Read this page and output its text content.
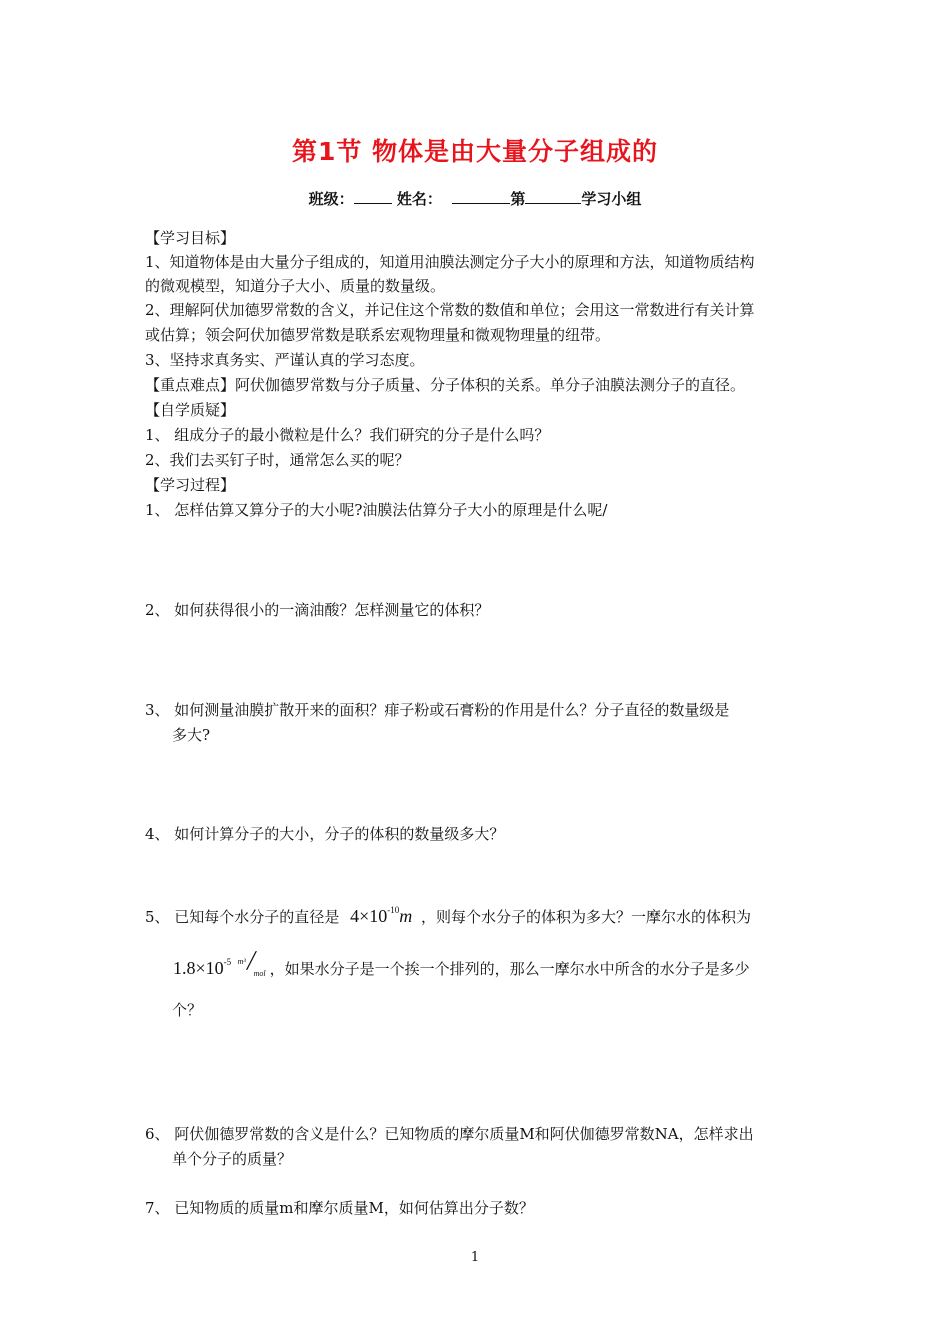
第1节 物体是由大量分子组成的
班级：	姓名：	第	学习小组
【学习目标】
1、知道物体是由大量分子组成的，知道用油膜法测定分子大小的原理和方法，知道物质结构
的微观模型，知道分子大小、质量的数量级。
2、理解阿伏加德罗常数的含义，并记住这个常数的数值和单位；会用这一常数进行有关计算
或估算；领会阿伏加德罗常数是联系宏观物理量和微观物理量的纽带。
3、坚持求真务实、严谨认真的学习态度。
【重点难点】阿伏伽德罗常数与分子质量、分子体积的关系。单分子油膜法测分子的直径。
【自学质疑】
1、 组成分子的最小微粒是什么？我们研究的分子是什么吗？
2、我们去买钉子时，通常怎么买的呢？
【学习过程】
1、 怎样估算又算分子的大小呢?油膜法估算分子大小的原理是什么呢/
2、 如何获得很小的一滴油酸？怎样测量它的体积？
3、 如何测量油膜扩散开来的面积？痱子粉或石膏粉的作用是什么？分子直径的数量级是
多大?
4、 如何计算分子的大小，分子的体积的数量级多大？
5、 已知每个水分子的直径是 $4\times 10^{-10}m$ ，则每个水分子的体积为多大？一摩尔水的体积为
$1.8\times 10^{-5}$ m³ ╱
mol ，如果水分子是一个挨一个排列的，那么一摩尔水中所含的水分子是多少
个？
6、 阿伏伽德罗常数的含义是什么？已知物质的摩尔质量M和阿伏伽德罗常数NA，怎样求出
单个分子的质量？
7、 已知物质的质量m和摩尔质量M，如何估算出分子数？
1
